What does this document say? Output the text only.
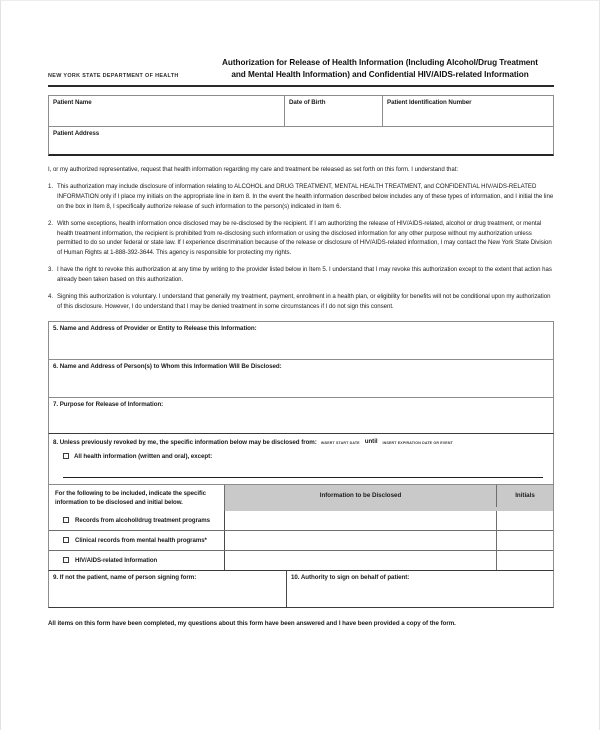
NEW YORK STATE DEPARTMENT OF HEALTH
Authorization for Release of Health Information (Including Alcohol/Drug Treatment
and Mental Health Information) and Confidential HIV/AIDS-related Information
Patient Name	Date of Birth	Patient Identification Number
Patient Address
I, or my authorized representative, request that health information regarding my care and treatment be released as set forth on this form. I understand that:
1. This authorization may include disclosure of information relating to ALCOHOL and DRUG TREATMENT, MENTAL HEALTH TREATMENT, and CONFIDENTIAL HIV/AIDS-RELATED INFORMATION only if I place my initials on the appropriate line in item 8. In the event the health information described below includes any of these types of information, and I initial the line on the box in Item 8, I specifically authorize release of such information to the person(s) indicated in Item 6.
2. With some exceptions, health information once disclosed may be re-disclosed by the recipient. If I am authorizing the release of HIV/AIDS-related, alcohol or drug treatment, or mental health treatment information, the recipient is prohibited from re-disclosing such information or using the disclosed information for any other purpose without my authorization unless permitted to do so under federal or state law. If I experience discrimination because of the release or disclosure of HIV/AIDS-related information, I may contact the New York State Division of Human Rights at 1-888-392-3644. This agency is responsible for protecting my rights.
3. I have the right to revoke this authorization at any time by writing to the provider listed below in Item 5. I understand that I may revoke this authorization except to the extent that action has already been taken based on this authorization.
4. Signing this authorization is voluntary. I understand that generally my treatment, payment, enrollment in a health plan, or eligibility for benefits will not be conditional upon my authorization of this disclosure. However, I do understand that I may be denied treatment in some circumstances if I do not sign this consent.
5. Name and Address of Provider or Entity to Release this Information:
6. Name and Address of Person(s) to Whom this Information Will Be Disclosed:
7. Purpose for Release of Information:
8. Unless previously revoked by me, the specific information below may be disclosed from: INSERT START DATE until	INSERT EXPIRATION DATE OR EVENT
All health information (written and oral), except:
For the following to be included, indicate the specific information to be disclosed and initial below.
Information to be Disclosed	Initials
Records from alcohol/drug treatment programs
Clinical records from mental health programs*
HIV/AIDS-related Information
9. If not the patient, name of person signing form:	10. Authority to sign on behalf of patient:
All items on this form have been completed, my questions about this form have been answered and I have been provided a copy of the form.
